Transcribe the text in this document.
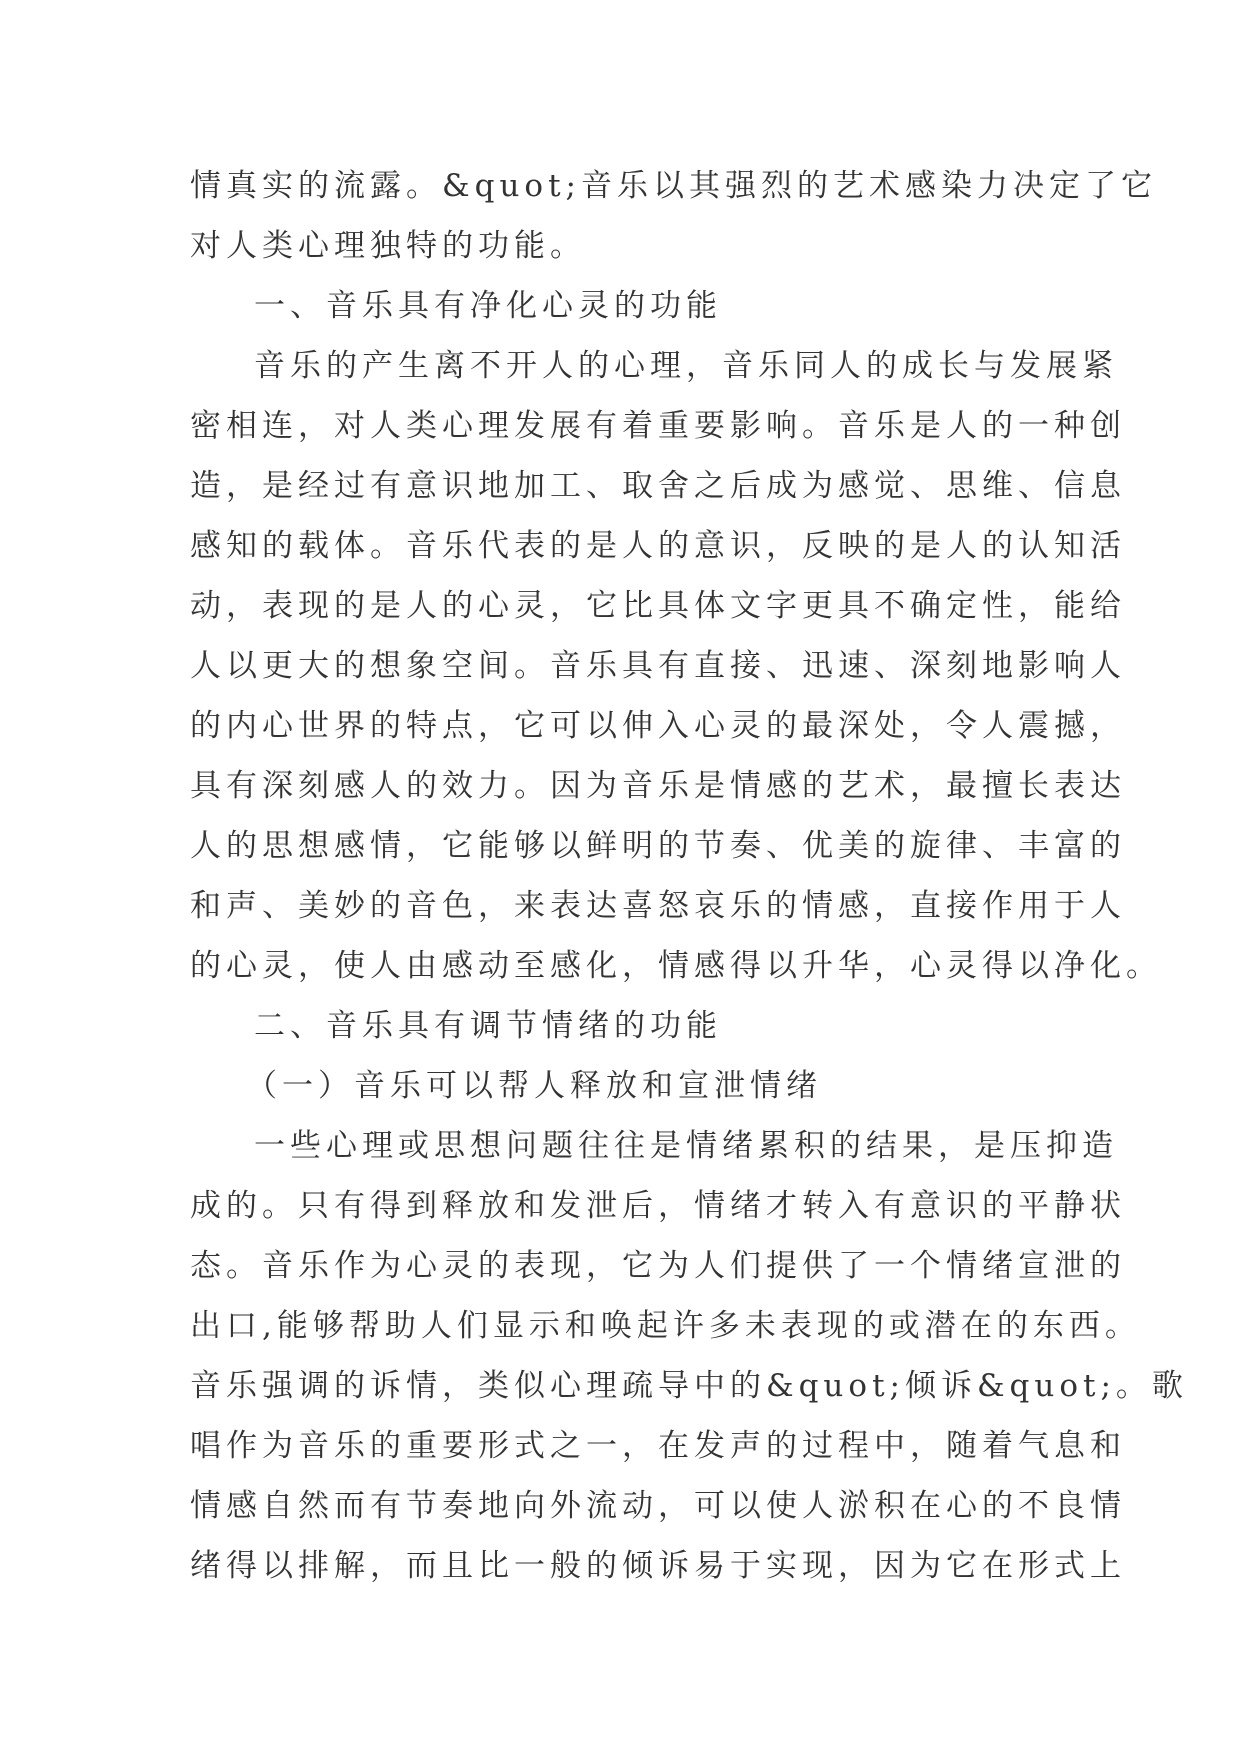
情真实的流露。&quot;音乐以其强烈的艺术感染力决定了它
对人类心理独特的功能。
一、音乐具有净化心灵的功能
音乐的产生离不开人的心理，音乐同人的成长与发展紧
密相连，对人类心理发展有着重要影响。音乐是人的一种创
造，是经过有意识地加工、取舍之后成为感觉、思维、信息
感知的载体。音乐代表的是人的意识，反映的是人的认知活
动，表现的是人的心灵，它比具体文字更具不确定性，能给
人以更大的想象空间。音乐具有直接、迅速、深刻地影响人
的内心世界的特点，它可以伸入心灵的最深处，令人震撼，
具有深刻感人的效力。因为音乐是情感的艺术，最擅长表达
人的思想感情，它能够以鲜明的节奏、优美的旋律、丰富的
和声、美妙的音色，来表达喜怒哀乐的情感，直接作用于人
的心灵，使人由感动至感化，情感得以升华，心灵得以净化。
二、音乐具有调节情绪的功能
（一）音乐可以帮人释放和宣泄情绪
一些心理或思想问题往往是情绪累积的结果，是压抑造
成的。只有得到释放和发泄后，情绪才转入有意识的平静状
态。音乐作为心灵的表现，它为人们提供了一个情绪宣泄的
出口,能够帮助人们显示和唤起许多未表现的或潜在的东西。
音乐强调的诉情，类似心理疏导中的&quot;倾诉&quot;。歌
唱作为音乐的重要形式之一，在发声的过程中，随着气息和
情感自然而有节奏地向外流动，可以使人淤积在心的不良情
绪得以排解，而且比一般的倾诉易于实现，因为它在形式上
